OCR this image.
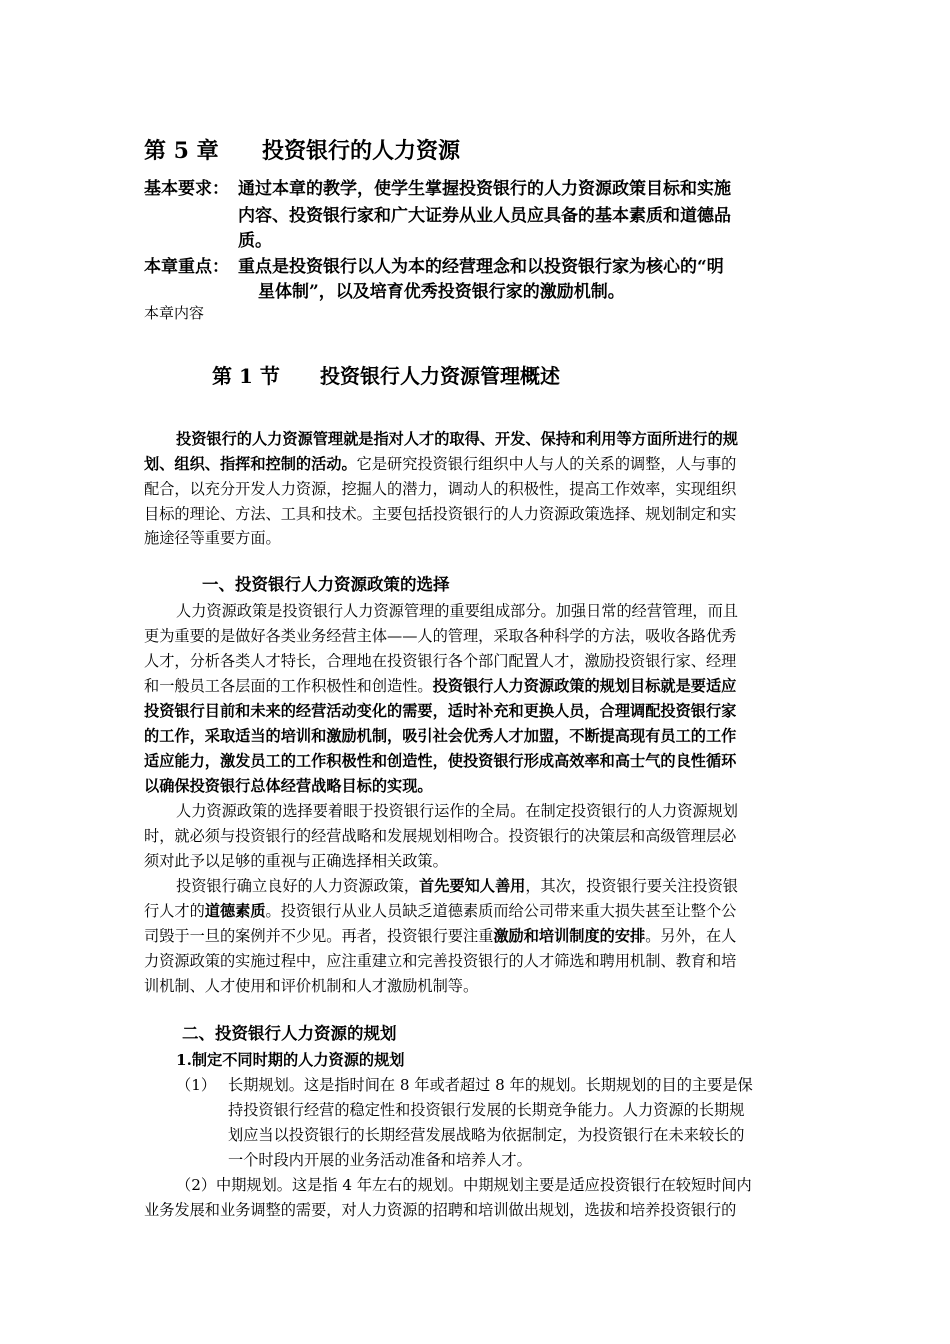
第 5 章 投资银行的人力资源
基本要求： 通过本章的教学，使学生掌握投资银行的人力资源政策目标和实施
内容、投资银行家和广大证券从业人员应具备的基本素质和道德品
质。
本章重点： 重点是投资银行以人为本的经营理念和以投资银行家为核心的“明
星体制”，以及培育优秀投资银行家的激励机制。
本章内容
第 1 节 投资银行人力资源管理概述
投资银行的人力资源管理就是指对人才的取得、开发、保持和利用等方面所进行的规
划、组织、指挥和控制的活动。它是研究投资银行组织中人与人的关系的调整，人与事的
配合，以充分开发人力资源，挖掘人的潜力，调动人的积极性，提高工作效率，实现组织
目标的理论、方法、工具和技术。主要包括投资银行的人力资源政策选择、规划制定和实
施途径等重要方面。
一、投资银行人力资源政策的选择
人力资源政策是投资银行人力资源管理的重要组成部分。加强日常的经营管理，而且
更为重要的是做好各类业务经营主体——人的管理，采取各种科学的方法，吸收各路优秀
人才，分析各类人才特长，合理地在投资银行各个部门配置人才，激励投资银行家、经理
和一般员工各层面的工作积极性和创造性。投资银行人力资源政策的规划目标就是要适应
投资银行目前和未来的经营活动变化的需要，适时补充和更换人员，合理调配投资银行家
的工作，采取适当的培训和激励机制，吸引社会优秀人才加盟，不断提高现有员工的工作
适应能力，激发员工的工作积极性和创造性，使投资银行形成高效率和高士气的良性循环
以确保投资银行总体经营战略目标的实现。
人力资源政策的选择要着眼于投资银行运作的全局。在制定投资银行的人力资源规划
时，就必须与投资银行的经营战略和发展规划相吻合。投资银行的决策层和高级管理层必
须对此予以足够的重视与正确选择相关政策。
投资银行确立良好的人力资源政策，首先要知人善用，其次，投资银行要关注投资银
行人才的道德素质。投资银行从业人员缺乏道德素质而给公司带来重大损失甚至让整个公
司毁于一旦的案例并不少见。再者，投资银行要注重激励和培训制度的安排。另外，在人
力资源政策的实施过程中，应注重建立和完善投资银行的人才筛选和聘用机制、教育和培
训机制、人才使用和评价机制和人才激励机制等。
二、投资银行人力资源的规划
1.制定不同时期的人力资源的规划
（1） 长期规划。这是指时间在 8 年或者超过 8 年的规划。长期规划的目的主要是保
持投资银行经营的稳定性和投资银行发展的长期竞争能力。人力资源的长期规
划应当以投资银行的长期经营发展战略为依据制定，为投资银行在未来较长的
一个时段内开展的业务活动准备和培养人才。
（2）中期规划。这是指 4 年左右的规划。中期规划主要是适应投资银行在较短时间内
业务发展和业务调整的需要，对人力资源的招聘和培训做出规划，选拔和培养投资银行的
